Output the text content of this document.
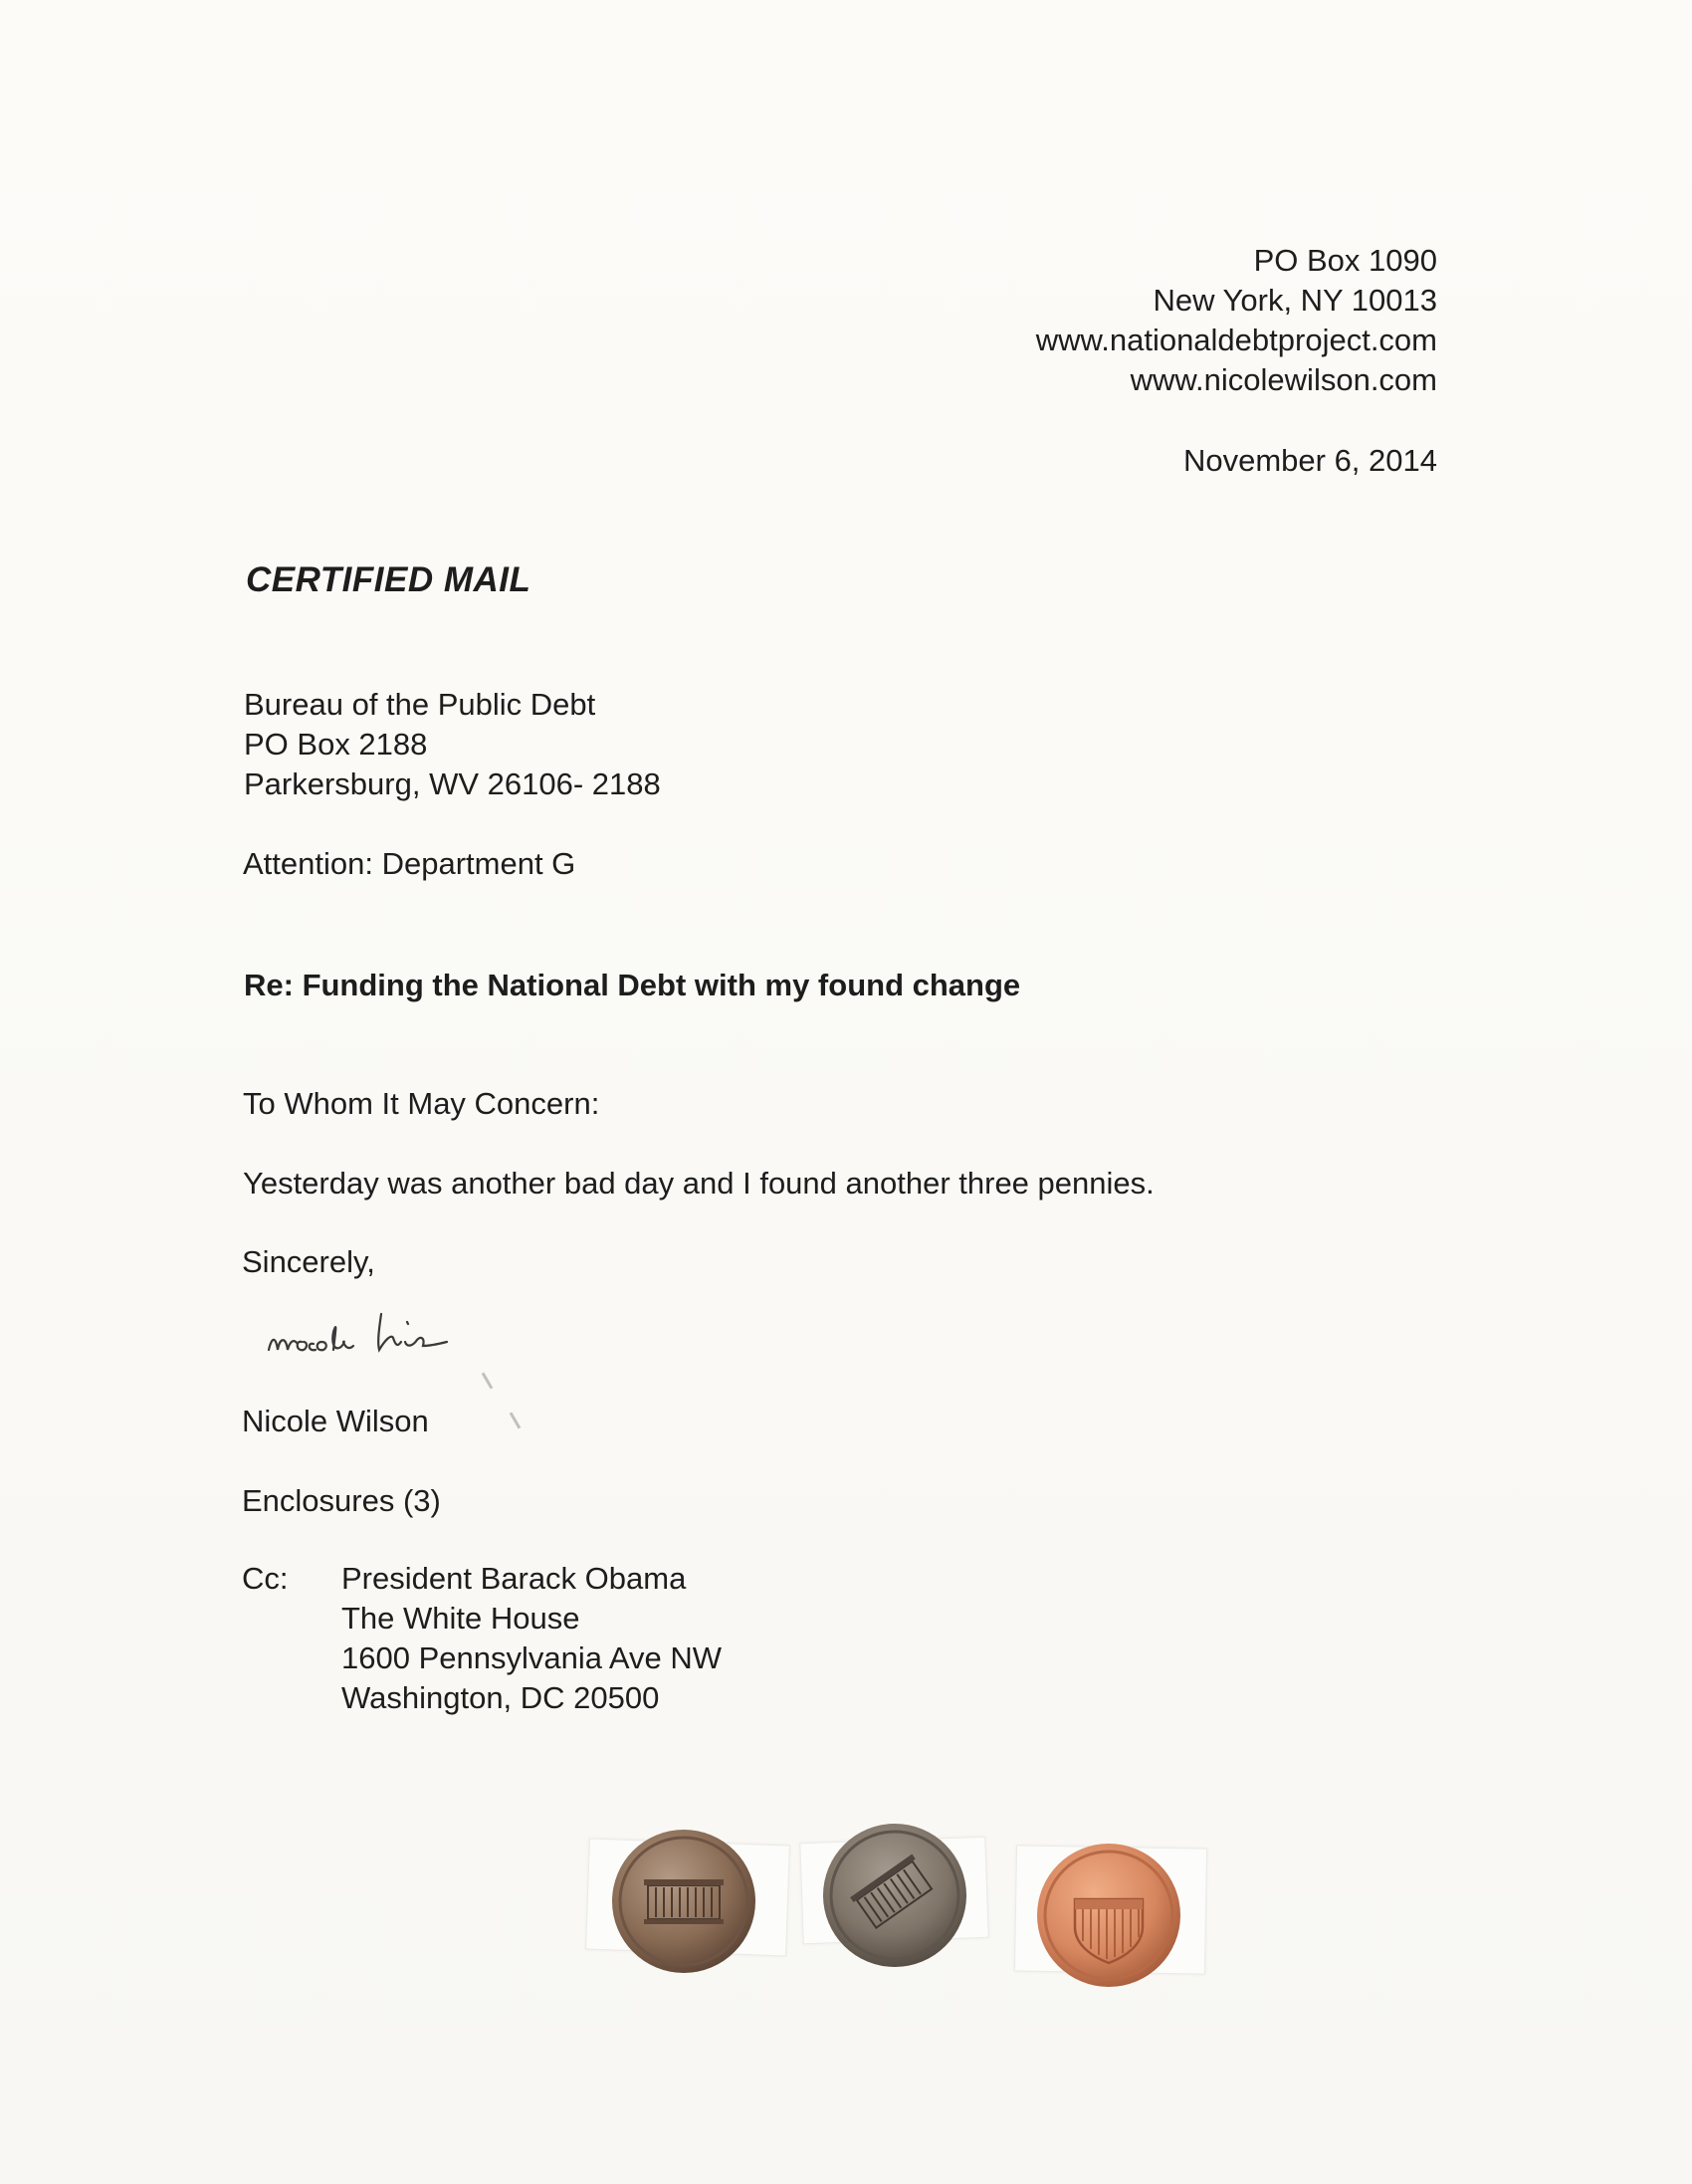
PO Box 1090
New York, NY 10013
www.nationaldebtproject.com
www.nicolewilson.com
November 6, 2014
CERTIFIED MAIL
Bureau of the Public Debt
PO Box 2188
Parkersburg, WV 26106- 2188
Attention: Department G
Re: Funding the National Debt with my found change
To Whom It May Concern:
Yesterday was another bad day and I found another three pennies.
Sincerely,
Nicole Wilson
Enclosures (3)
Cc: President Barack Obama
The White House
1600 Pennsylvania Ave NW
Washington, DC 20500
